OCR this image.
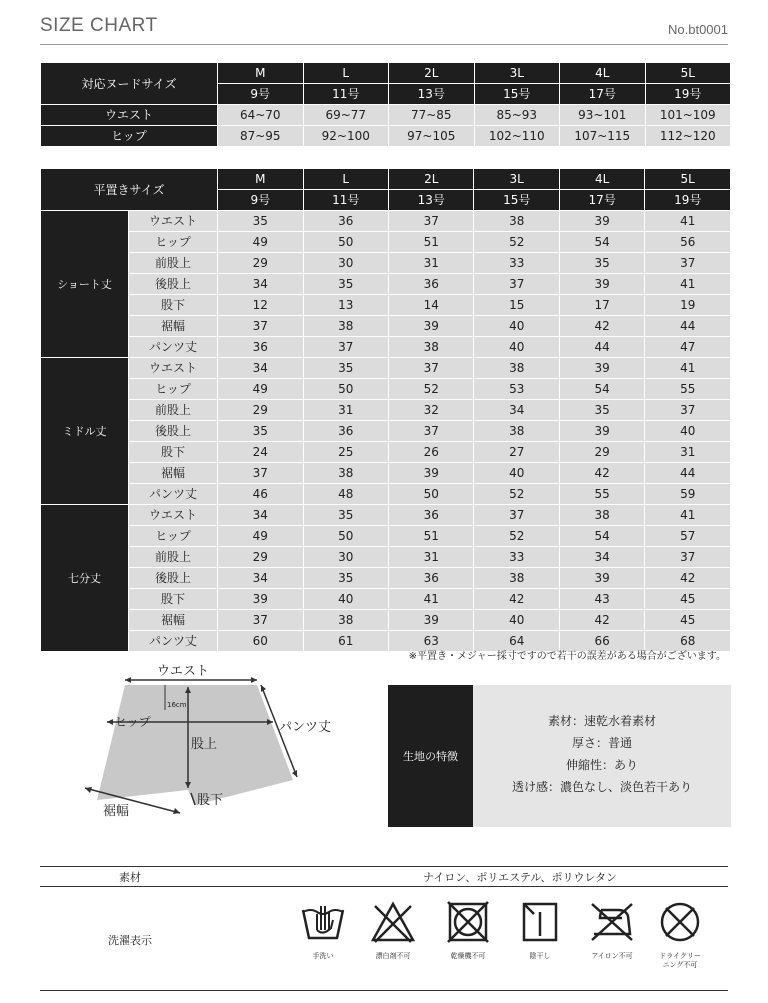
SIZE CHART	No.bt0001
対応ヌードサイズ	M	L	2L	3L	4L	5L
	9号	11号	13号	15号	17号	19号
ウエスト	64~70	69~77	77~85	85~93	93~101	101~109
ヒップ	87~95	92~100	97~105	102~110	107~115	112~120
平置きサイズ		M	L	2L	3L	4L	5L
		9号	11号	13号	15号	17号	19号
ショート丈	ウエスト	35	36	37	38	39	41
	ヒップ	49	50	51	52	54	56
	前股上	29	30	31	33	35	37
	後股上	34	35	36	37	39	41
	股下	12	13	14	15	17	19
	裾幅	37	38	39	40	42	44
	パンツ丈	36	37	38	40	44	47
ミドル丈	ウエスト	34	35	37	38	39	41
	ヒップ	49	50	52	53	54	55
	前股上	29	31	32	34	35	37
	後股上	35	36	37	38	39	40
	股下	24	25	26	27	29	31
	裾幅	37	38	39	40	42	44
	パンツ丈	46	48	50	52	55	59
七分丈	ウエスト	34	35	36	37	38	41
	ヒップ	49	50	51	52	54	57
	前股上	29	30	31	33	34	37
	後股上	34	35	36	38	39	42
	股下	39	40	41	42	43	45
	裾幅	37	38	39	40	42	45
	パンツ丈	60	61	63	64	66	68
※平置き・メジャー採寸ですので若干の誤差がある場合がございます。
ウエスト
16cm
ヒップ
股上
股下
パンツ丈
裾幅
生地の特徴
素材：速乾水着素材
厚さ：普通
伸縮性：あり
透け感：濃色なし、淡色若干あり
素材	ナイロン、ポリエステル、ポリウレタン
洗濯表示
手洗い	漂白剤不可	乾燥機不可	陰干し	アイロン不可	ドライクリー
ニング不可
